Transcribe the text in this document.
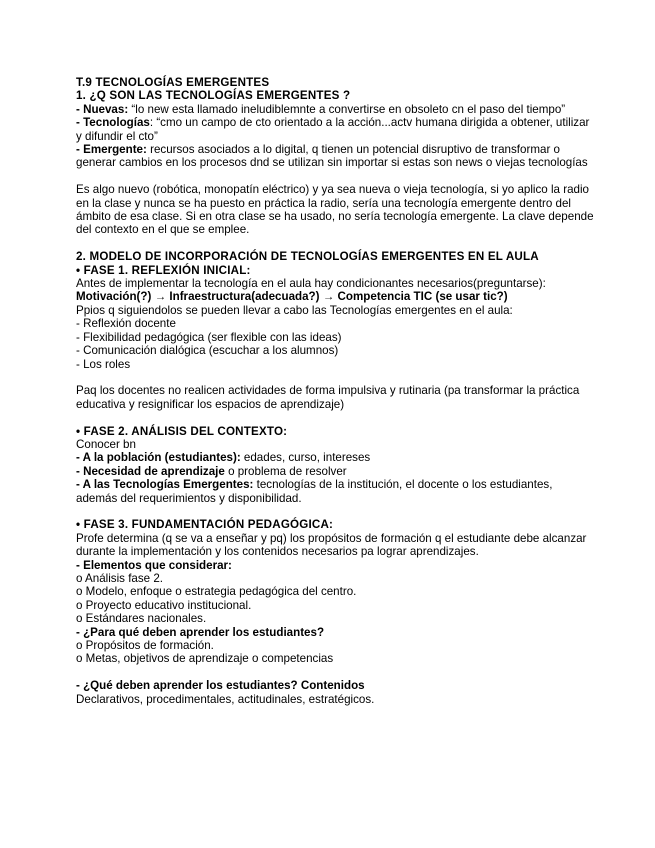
T.9 TECNOLOGÍAS EMERGENTES

1. ¿Q SON LAS TECNOLOGÍAS EMERGENTES ?

- Nuevas: “lo new esta llamado ineludiblemnte a convertirse en obsoleto cn el paso del tiempo”

- Tecnologías: “cmo un campo de cto orientado a la acción...actv humana dirigida a obtener, utilizar y difundir el cto”

- Emergente: recursos asociados a lo digital, q tienen un potencial disruptivo de transformar o generar cambios en los procesos dnd se utilizan sin importar si estas son news o viejas tecnologías

Es algo nuevo (robótica, monopatín eléctrico) y ya sea nueva o vieja tecnología, si yo aplico la radio en la clase y nunca se ha puesto en práctica la radio, sería una tecnología emergente dentro del ámbito de esa clase. Si en otra clase se ha usado, no sería tecnología emergente. La clave depende del contexto en el que se emplee.

2. MODELO DE INCORPORACIÓN DE TECNOLOGÍAS EMERGENTES EN EL AULA

• FASE 1. REFLEXIÓN INICIAL:

Antes de implementar la tecnología en el aula hay condicionantes necesarios(preguntarse):

Motivación(?) → Infraestructura(adecuada?) → Competencia TIC (se usar tic?)

Ppios q siguiendolos se pueden llevar a cabo las Tecnologías emergentes en el aula:

- Reflexión docente

- Flexibilidad pedagógica (ser flexible con las ideas)

- Comunicación dialógica (escuchar a los alumnos)

- Los roles

Paq los docentes no realicen actividades de forma impulsiva y rutinaria (pa transformar la práctica educativa y resignificar los espacios de aprendizaje)

• FASE 2. ANÁLISIS DEL CONTEXTO:

Conocer bn

- A la población (estudiantes): edades, curso, intereses

- Necesidad de aprendizaje o problema de resolver

- A las Tecnologías Emergentes: tecnologías de la institución, el docente o los estudiantes, además del requerimientos y disponibilidad.

• FASE 3. FUNDAMENTACIÓN PEDAGÓGICA:

Profe determina (q se va a enseñar y pq) los propósitos de formación q el estudiante debe alcanzar durante la implementación y los contenidos necesarios pa lograr aprendizajes.

- Elementos que considerar:

o Análisis fase 2.

o Modelo, enfoque o estrategia pedagógica del centro.

o Proyecto educativo institucional.

o Estándares nacionales.

- ¿Para qué deben aprender los estudiantes?

o Propósitos de formación.

o Metas, objetivos de aprendizaje o competencias

- ¿Qué deben aprender los estudiantes? Contenidos

Declarativos, procedimentales, actitudinales, estratégicos.
